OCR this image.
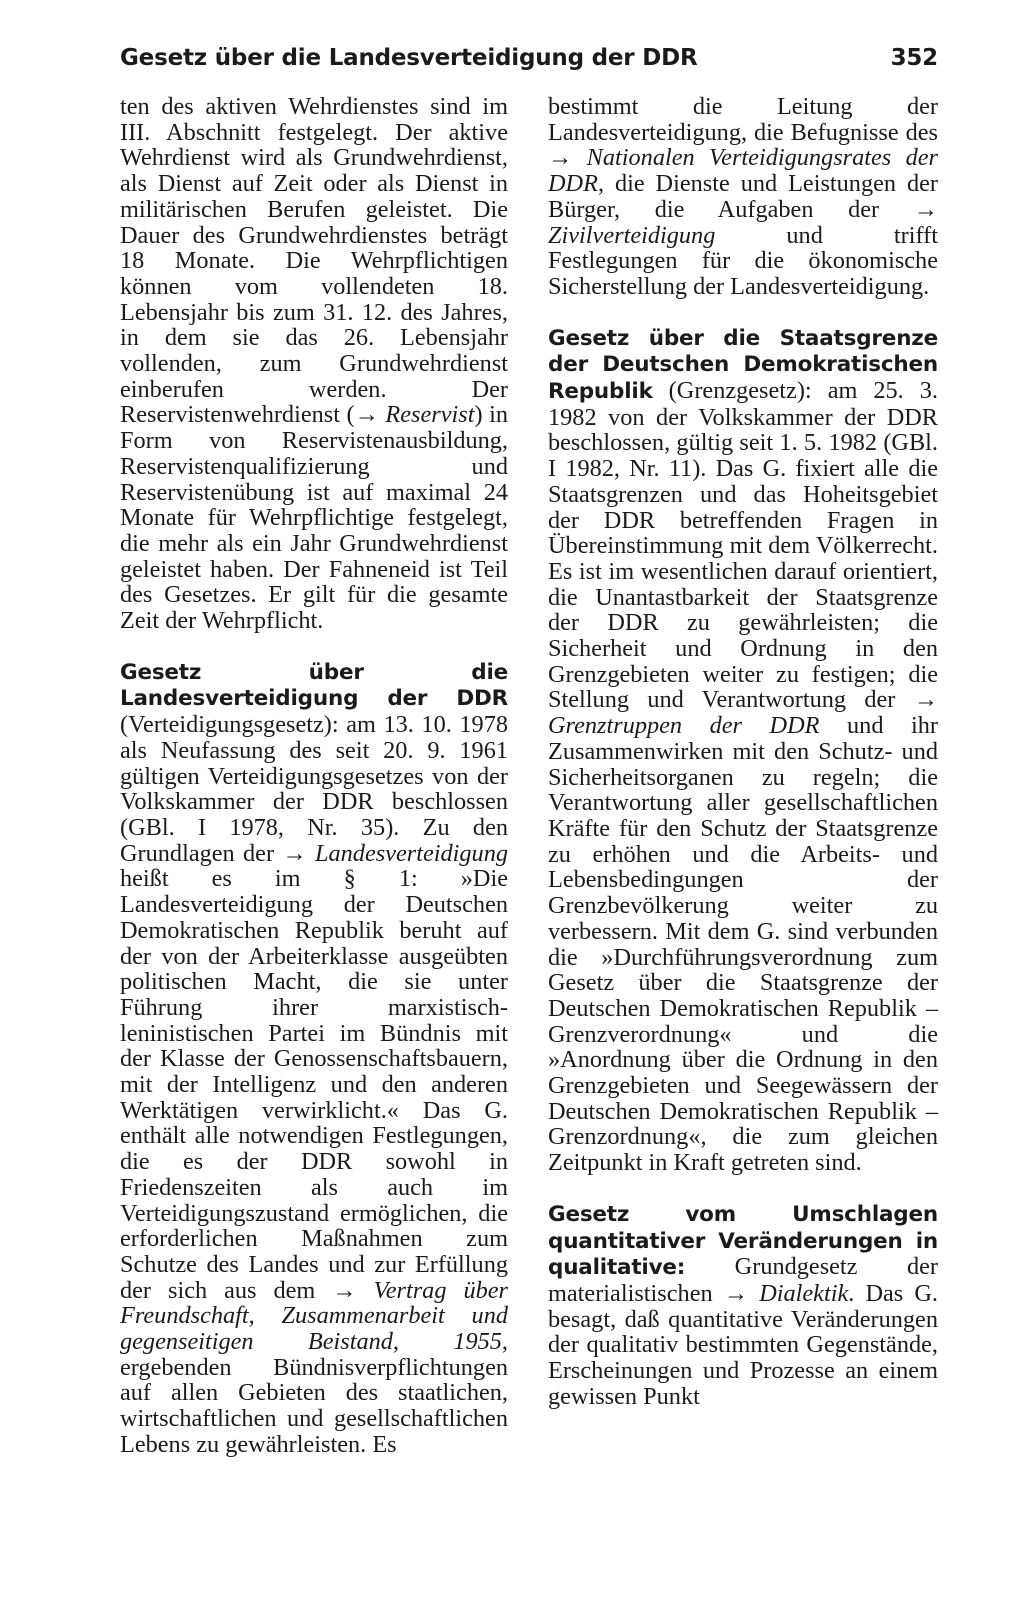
Gesetz über die Landesverteidigung der DDR	352

ten des aktiven Wehrdienstes sind im III. Abschnitt festgelegt. Der aktive Wehrdienst wird als Grundwehrdienst, als Dienst auf Zeit oder als Dienst in militärischen Berufen geleistet. Die Dauer des Grundwehrdienstes beträgt 18 Monate. Die Wehrpflichtigen können vom vollendeten 18. Lebensjahr bis zum 31. 12. des Jahres, in dem sie das 26. Lebensjahr vollenden, zum Grundwehrdienst einberufen werden. Der Reservistenwehrdienst (→ Reservist) in Form von Reservistenausbildung, Reservistenqualifizierung und Reservistenübung ist auf maximal 24 Monate für Wehrpflichtige festgelegt, die mehr als ein Jahr Grundwehrdienst geleistet haben. Der Fahneneid ist Teil des Gesetzes. Er gilt für die gesamte Zeit der Wehrpflicht.

Gesetz über die Landesverteidigung der DDR (Verteidigungsgesetz): am 13. 10. 1978 als Neufassung des seit 20. 9. 1961 gültigen Verteidigungsgesetzes von der Volkskammer der DDR beschlossen (GBl. I 1978, Nr. 35). Zu den Grundlagen der → Landesverteidigung heißt es im § 1: »Die Landesverteidigung der Deutschen Demokratischen Republik beruht auf der von der Arbeiterklasse ausgeübten politischen Macht, die sie unter Führung ihrer marxistisch-leninistischen Partei im Bündnis mit der Klasse der Genossenschaftsbauern, mit der Intelligenz und den anderen Werktätigen verwirklicht.« Das G. enthält alle notwendigen Festlegungen, die es der DDR sowohl in Friedenszeiten als auch im Verteidigungszustand ermöglichen, die erforderlichen Maßnahmen zum Schutze des Landes und zur Erfüllung der sich aus dem → Vertrag über Freundschaft, Zusammenarbeit und gegenseitigen Beistand, 1955, ergebenden Bündnisverpflichtungen auf allen Gebieten des staatlichen, wirtschaftlichen und gesellschaftlichen Lebens zu gewährleisten. Es

bestimmt die Leitung der Landesverteidigung, die Befugnisse des → Nationalen Verteidigungsrates der DDR, die Dienste und Leistungen der Bürger, die Aufgaben der → Zivilverteidigung und trifft Festlegungen für die ökonomische Sicherstellung der Landesverteidigung.

Gesetz über die Staatsgrenze der Deutschen Demokratischen Republik (Grenzgesetz): am 25. 3. 1982 von der Volkskammer der DDR beschlossen, gültig seit 1. 5. 1982 (GBl. I 1982, Nr. 11). Das G. fixiert alle die Staatsgrenzen und das Hoheitsgebiet der DDR betreffenden Fragen in Übereinstimmung mit dem Völkerrecht. Es ist im wesentlichen darauf orientiert, die Unantastbarkeit der Staatsgrenze der DDR zu gewährleisten; die Sicherheit und Ordnung in den Grenzgebieten weiter zu festigen; die Stellung und Verantwortung der → Grenztruppen der DDR und ihr Zusammenwirken mit den Schutz- und Sicherheitsorganen zu regeln; die Verantwortung aller gesellschaftlichen Kräfte für den Schutz der Staatsgrenze zu erhöhen und die Arbeits- und Lebensbedingungen der Grenzbevölkerung weiter zu verbessern. Mit dem G. sind verbunden die »Durchführungsverordnung zum Gesetz über die Staatsgrenze der Deutschen Demokratischen Republik – Grenzverordnung« und die »Anordnung über die Ordnung in den Grenzgebieten und Seegewässern der Deutschen Demokratischen Republik – Grenzordnung«, die zum gleichen Zeitpunkt in Kraft getreten sind.

Gesetz vom Umschlagen quantitativer Veränderungen in qualitative: Grundgesetz der materialistischen → Dialektik. Das G. besagt, daß quantitative Veränderungen der qualitativ bestimmten Gegenstände, Erscheinungen und Prozesse an einem gewissen Punkt
